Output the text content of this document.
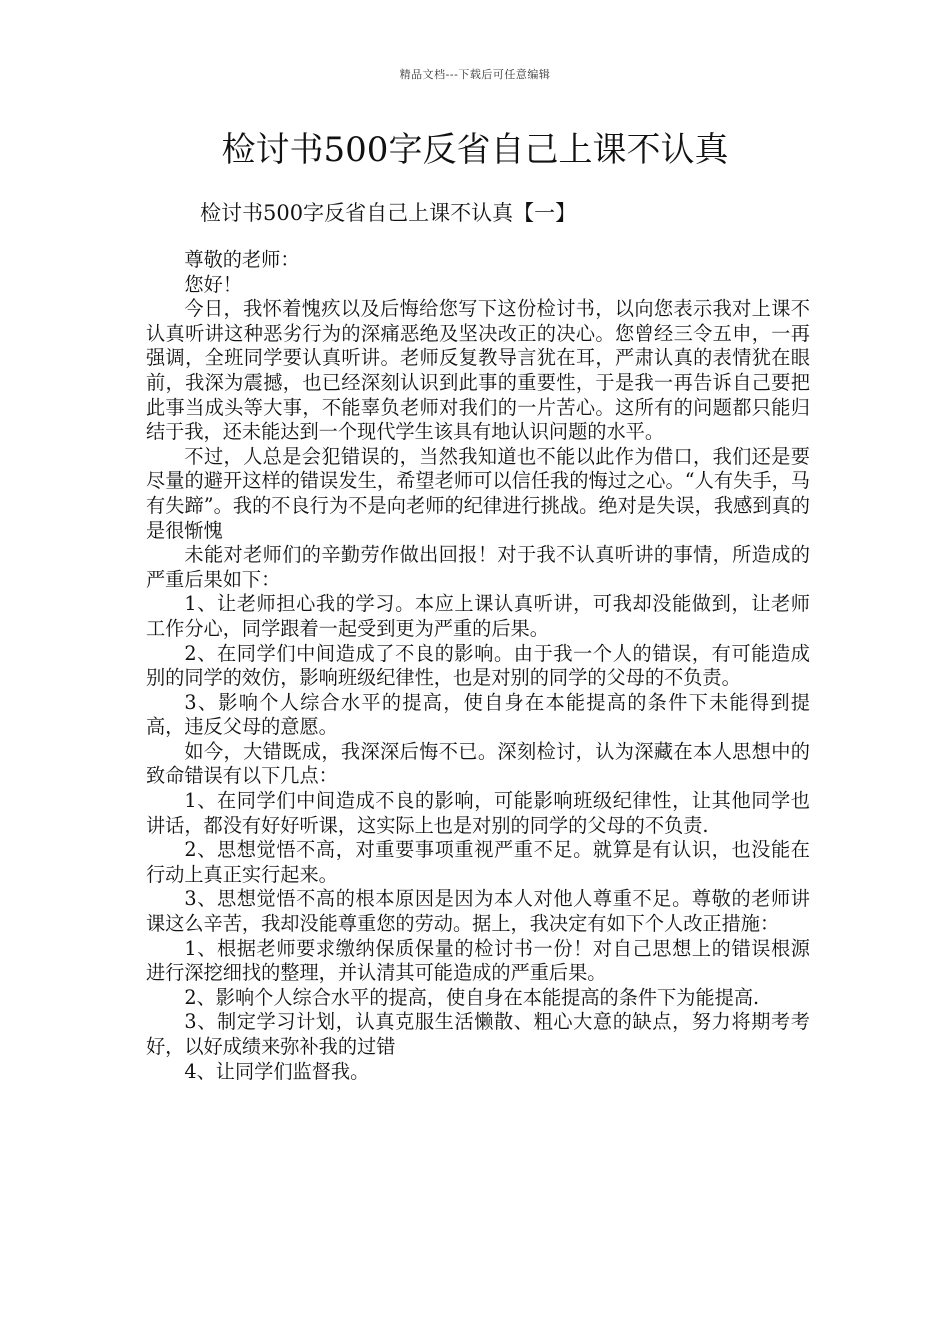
精品文档---下载后可任意编辑
检讨书500字反省自己上课不认真
检讨书500字反省自己上课不认真【一】

尊敬的老师：

您好！

今日，我怀着愧疚以及后悔给您写下这份检讨书，以向您表示我对上课不认真听讲这种恶劣行为的深痛恶绝及坚决改正的决心。您曾经三令五申，一再强调，全班同学要认真听讲。老师反复教导言犹在耳，严肃认真的表情犹在眼前，我深为震撼，也已经深刻认识到此事的重要性，于是我一再告诉自己要把此事当成头等大事，不能辜负老师对我们的一片苦心。这所有的问题都只能归结于我，还未能达到一个现代学生该具有地认识问题的水平。

不过，人总是会犯错误的，当然我知道也不能以此作为借口，我们还是要尽量的避开这样的错误发生，希望老师可以信任我的悔过之心。“人有失手，马有失蹄”。我的不良行为不是向老师的纪律进行挑战。绝对是失误，我感到真的是很惭愧

未能对老师们的辛勤劳作做出回报！对于我不认真听讲的事情，所造成的严重后果如下：

1、让老师担心我的学习。本应上课认真听讲，可我却没能做到，让老师工作分心，同学跟着一起受到更为严重的后果。

2、在同学们中间造成了不良的影响。由于我一个人的错误，有可能造成别的同学的效仿，影响班级纪律性，也是对别的同学的父母的不负责。

3、影响个人综合水平的提高，使自身在本能提高的条件下未能得到提高，违反父母的意愿。

如今，大错既成，我深深后悔不已。深刻检讨，认为深藏在本人思想中的致命错误有以下几点：

1、在同学们中间造成不良的影响，可能影响班级纪律性，让其他同学也讲话，都没有好好听课，这实际上也是对别的同学的父母的不负责.

2、思想觉悟不高，对重要事项重视严重不足。就算是有认识，也没能在行动上真正实行起来。

3、思想觉悟不高的根本原因是因为本人对他人尊重不足。尊敬的老师讲课这么辛苦，我却没能尊重您的劳动。据上，我决定有如下个人改正措施：

1、根据老师要求缴纳保质保量的检讨书一份！对自己思想上的错误根源进行深挖细找的整理，并认清其可能造成的严重后果。

2、影响个人综合水平的提高，使自身在本能提高的条件下为能提高.

3、制定学习计划，认真克服生活懒散、粗心大意的缺点，努力将期考考好，以好成绩来弥补我的过错

4、让同学们监督我。
